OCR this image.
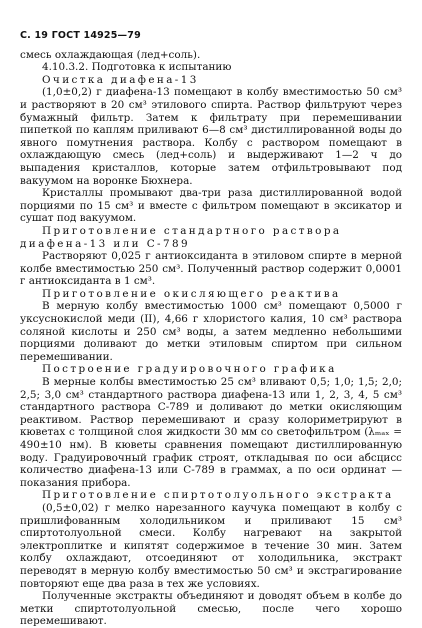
С. 19 ГОСТ 14925—79

смесь охлаждающая (лед+соль).

4.10.3.2. Подготовка к испытанию

Очистка диафена-13

(1,0±0,2) г диафена-13 помещают в колбу вместимостью 50 см³ и растворяют в 20 см³ этилового спирта. Раствор фильтруют через бумажный фильтр. Затем к фильтрату при перемешивании пипеткой по каплям приливают 6—8 см³ дистиллированной воды до явного помутнения раствора. Колбу с раствором помещают в охлаждающую смесь (лед+соль) и выдерживают 1—2 ч до выпадения кристаллов, которые затем отфильтровывают под вакуумом на воронке Бюхнера.

Кристаллы промывают два-три раза дистиллированной водой порциями по 15 см³ и вместе с фильтром помещают в эксикатор и сушат под вакуумом.

Приготовление стандартного раствора диафена-13 или С-789

Растворяют 0,025 г антиоксиданта в этиловом спирте в мерной колбе вместимостью 250 см³. Полученный раствор содержит 0,0001 г антиоксиданта в 1 см³.

Приготовление окисляющего реактива

В мерную колбу вместимостью 1000 см³ помещают 0,5000 г уксуснокислой меди (II), 4,66 г хлористого калия, 10 см³ раствора соляной кислоты и 250 см³ воды, а затем медленно небольшими порциями доливают до метки этиловым спиртом при сильном перемешивании.

Построение градуировочного графика

В мерные колбы вместимостью 25 см³ вливают 0,5; 1,0; 1,5; 2,0; 2,5; 3,0 см³ стандартного раствора диафена-13 или 1, 2, 3, 4, 5 см³ стандартного раствора С-789 и доливают до метки окисляющим реактивом. Раствор перемешивают и сразу колориметрируют в кюветах с толщиной слоя жидкости 30 мм со светофильтром (λₘₐₓ = 490±10 нм). В кюветы сравнения помещают дистиллированную воду. Градуировочный график строят, откладывая по оси абсцисс количество диафена-13 или С-789 в граммах, а по оси ординат — показания прибора.

Приготовление спиртотолуольного экстракта

(0,5±0,02) г мелко нарезанного каучука помещают в колбу с пришлифованным холодильником и приливают 15 см³ спиртотолуольной смеси. Колбу нагревают на закрытой электроплитке и кипятят содержимое в течение 30 мин. Затем колбу охлаждают, отсоединяют от холодильника, экстракт переводят в мерную колбу вместимостью 50 см³ и экстрагирование повторяют еще два раза в тех же условиях.

Полученные экстракты объединяют и доводят объем в колбе до метки спиртотолуольной смесью, после чего хорошо перемешивают.
